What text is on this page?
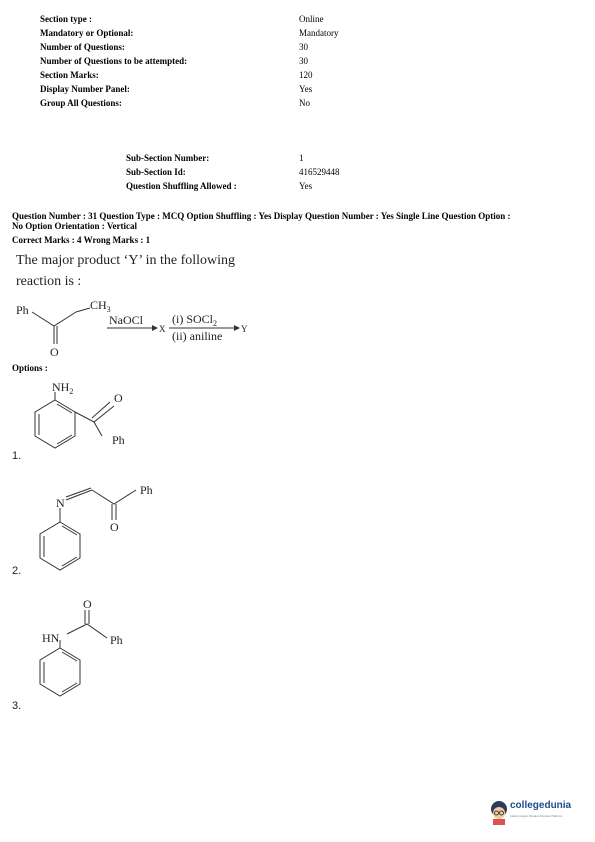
Section type :	Online
Mandatory or Optional:	Mandatory
Number of Questions:	30
Number of Questions to be attempted:	30
Section Marks:	120
Display Number Panel:	Yes
Group All Questions:	No
Sub-Section Number:	1
Sub-Section Id:	416529448
Question Shuffling Allowed :	Yes
Question Number : 31 Question Type : MCQ Option Shuffling : Yes Display Question Number : Yes Single Line Question Option :
No Option Orientation : Vertical
Correct Marks : 4 Wrong Marks : 1
The major product ‘Y’ in the following
reaction is :
Ph	$CH_3$
O
NaOCl
X
(i) SOCl$_2$
(ii) aniline Y
Options :
$NH_2$	O
Ph
1.
N
Ph
O
2.
HN
O
Ph
3.
collegedunia
India's largest Student Review Platform
